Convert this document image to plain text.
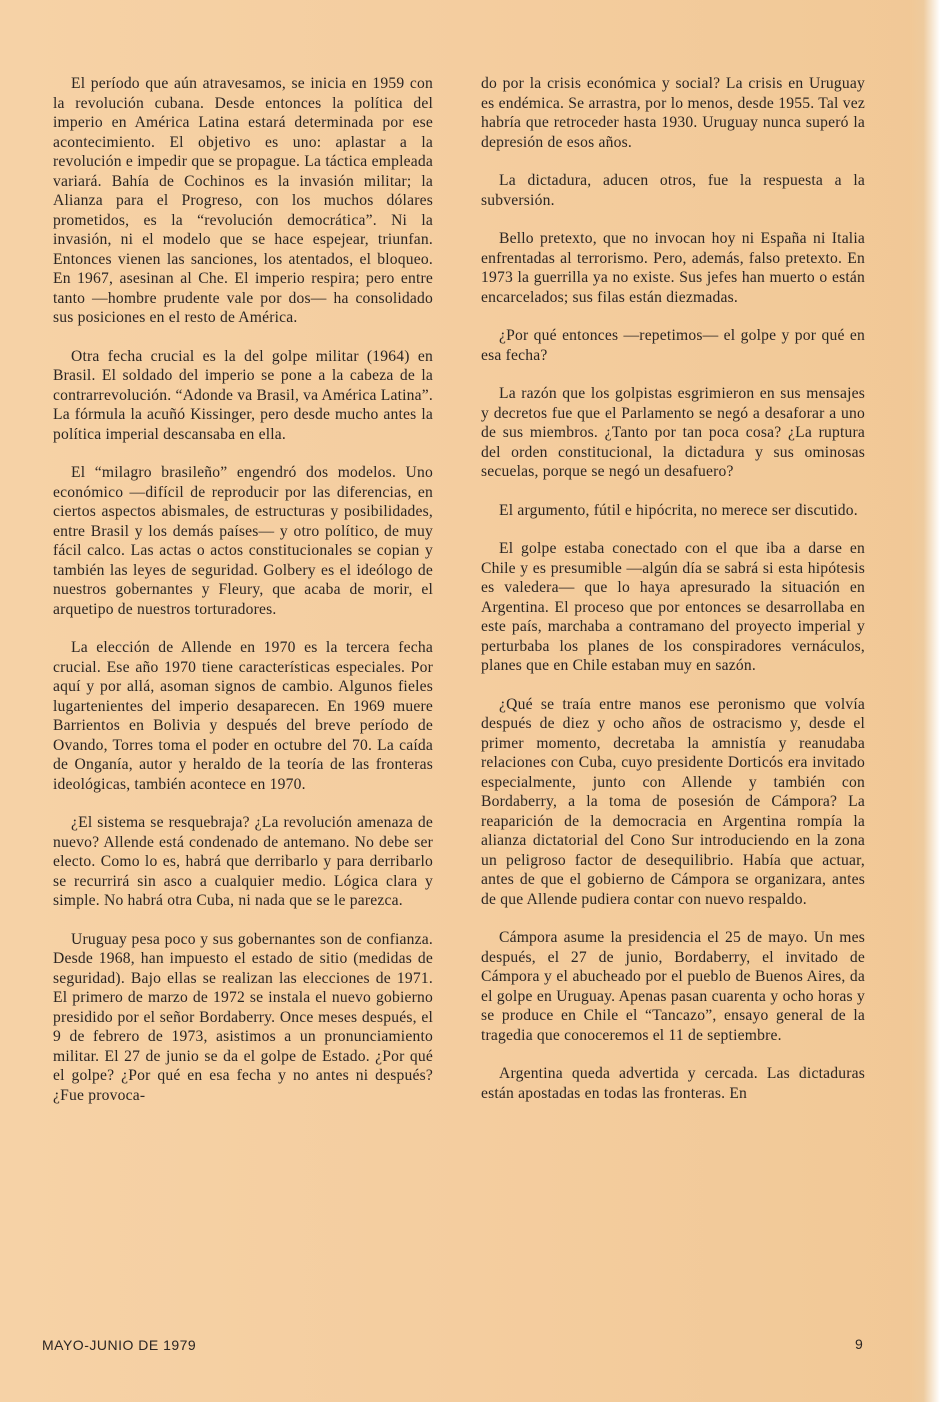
El período que aún atravesamos, se inicia en 1959 con la revolución cubana. Desde entonces la política del imperio en América Latina estará determinada por ese acontecimiento. El objetivo es uno: aplastar a la revolución e impedir que se propague. La táctica empleada variará. Bahía de Cochinos es la invasión militar; la Alianza para el Progreso, con los muchos dólares prometidos, es la “revolución democrática”. Ni la invasión, ni el modelo que se hace espejear, triunfan. Entonces vienen las sanciones, los atentados, el bloqueo. En 1967, asesinan al Che. El imperio respira; pero entre tanto —hombre prudente vale por dos— ha consolidado sus posiciones en el resto de América.

Otra fecha crucial es la del golpe militar (1964) en Brasil. El soldado del imperio se pone a la cabeza de la contrarrevolución. “Adonde va Brasil, va América Latina”. La fórmula la acuñó Kissinger, pero desde mucho antes la política imperial descansaba en ella.

El “milagro brasileño” engendró dos modelos. Uno económico —difícil de reproducir por las diferencias, en ciertos aspectos abismales, de estructuras y posibilidades, entre Brasil y los demás países— y otro político, de muy fácil calco. Las actas o actos constitucionales se copian y también las leyes de seguridad. Golbery es el ideólogo de nuestros gobernantes y Fleury, que acaba de morir, el arquetipo de nuestros torturadores.

La elección de Allende en 1970 es la tercera fecha crucial. Ese año 1970 tiene características especiales. Por aquí y por allá, asoman signos de cambio. Algunos fieles lugartenientes del imperio desaparecen. En 1969 muere Barrientos en Bolivia y después del breve período de Ovando, Torres toma el poder en octubre del 70. La caída de Onganía, autor y heraldo de la teoría de las fronteras ideológicas, también acontece en 1970.

¿El sistema se resquebraja? ¿La revolución amenaza de nuevo? Allende está condenado de antemano. No debe ser electo. Como lo es, habrá que derribarlo y para derribarlo se recurrirá sin asco a cualquier medio. Lógica clara y simple. No habrá otra Cuba, ni nada que se le parezca.

Uruguay pesa poco y sus gobernantes son de confianza. Desde 1968, han impuesto el estado de sitio (medidas de seguridad). Bajo ellas se realizan las elecciones de 1971. El primero de marzo de 1972 se instala el nuevo gobierno presidido por el señor Bordaberry. Once meses después, el 9 de febrero de 1973, asistimos a un pronunciamiento militar. El 27 de junio se da el golpe de Estado. ¿Por qué el golpe? ¿Por qué en esa fecha y no antes ni después? ¿Fue provoca-

do por la crisis económica y social? La crisis en Uruguay es endémica. Se arrastra, por lo menos, desde 1955. Tal vez habría que retroceder hasta 1930. Uruguay nunca superó la depresión de esos años.

La dictadura, aducen otros, fue la respuesta a la subversión.

Bello pretexto, que no invocan hoy ni España ni Italia enfrentadas al terrorismo. Pero, además, falso pretexto. En 1973 la guerrilla ya no existe. Sus jefes han muerto o están encarcelados; sus filas están diezmadas.

¿Por qué entonces —repetimos— el golpe y por qué en esa fecha?

La razón que los golpistas esgrimieron en sus mensajes y decretos fue que el Parlamento se negó a desaforar a uno de sus miembros. ¿Tanto por tan poca cosa? ¿La ruptura del orden constitucional, la dictadura y sus ominosas secuelas, porque se negó un desafuero?

El argumento, fútil e hipócrita, no merece ser discutido.

El golpe estaba conectado con el que iba a darse en Chile y es presumible —algún día se sabrá si esta hipótesis es valedera— que lo haya apresurado la situación en Argentina. El proceso que por entonces se desarrollaba en este país, marchaba a contramano del proyecto imperial y perturbaba los planes de los conspiradores vernáculos, planes que en Chile estaban muy en sazón.

¿Qué se traía entre manos ese peronismo que volvía después de diez y ocho años de ostracismo y, desde el primer momento, decretaba la amnistía y reanudaba relaciones con Cuba, cuyo presidente Dorticós era invitado especialmente, junto con Allende y también con Bordaberry, a la toma de posesión de Cámpora? La reaparición de la democracia en Argentina rompía la alianza dictatorial del Cono Sur introduciendo en la zona un peligroso factor de desequilibrio. Había que actuar, antes de que el gobierno de Cámpora se organizara, antes de que Allende pudiera contar con nuevo respaldo.

Cámpora asume la presidencia el 25 de mayo. Un mes después, el 27 de junio, Bordaberry, el invitado de Cámpora y el abucheado por el pueblo de Buenos Aires, da el golpe en Uruguay. Apenas pasan cuarenta y ocho horas y se produce en Chile el “Tancazo”, ensayo general de la tragedia que conoceremos el 11 de septiembre.

Argentina queda advertida y cercada. Las dictaduras están apostadas en todas las fronteras. En

MAYO-JUNIO DE 1979	9
